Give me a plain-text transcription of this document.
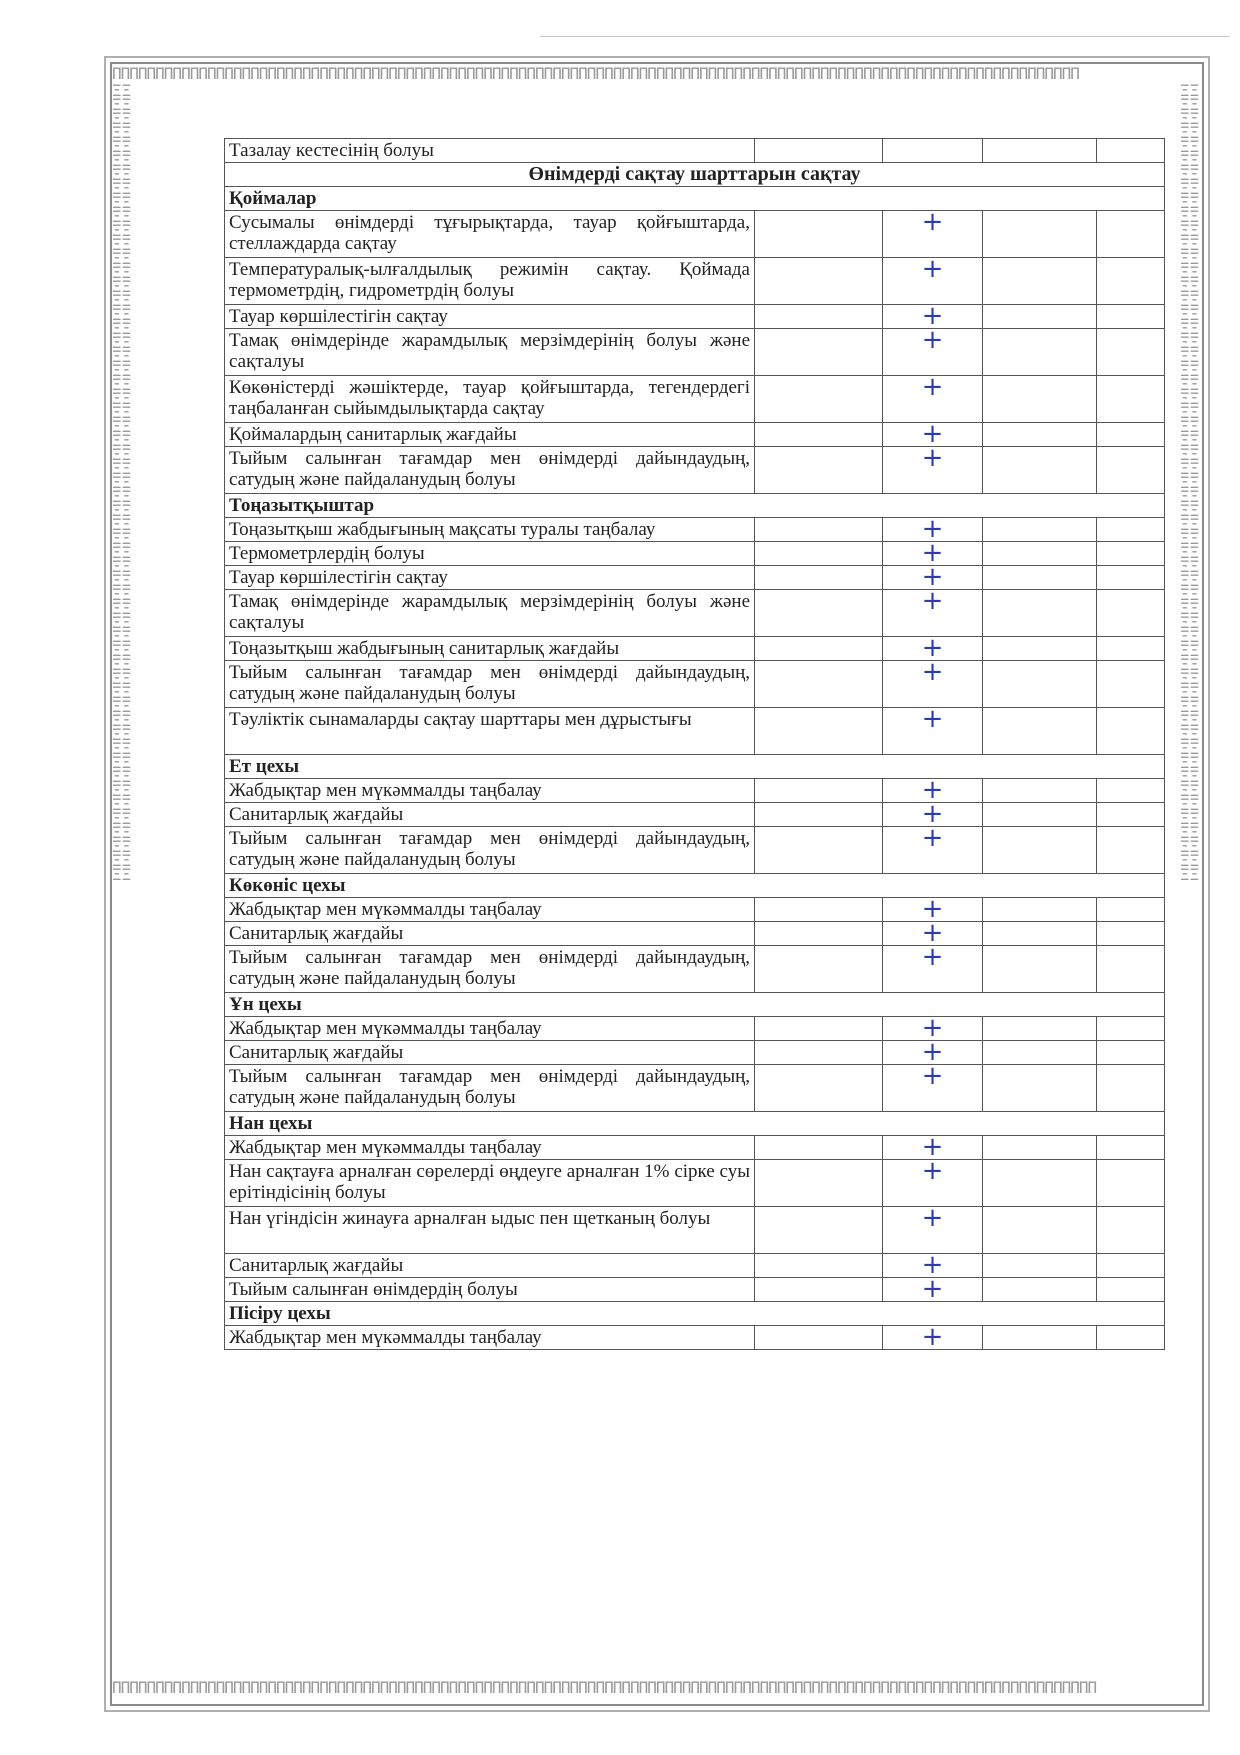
ΠΠΠΠΠΠΠΠΠΠΠΠΠΠΠΠΠΠΠΠΠΠΠΠΠΠΠΠΠΠΠΠΠΠΠΠΠΠΠΠΠΠΠΠΠΠΠΠΠΠΠΠΠΠΠΠΠΠΠΠΠΠΠΠΠΠΠΠΠΠΠΠΠΠΠΠΠΠΠΠΠΠΠΠΠΠΠΠΠΠΠΠΠΠΠΠΠΠΠΠΠΠΠΠΠΠΠΠΠΠΠΠ
ΠΠΠΠΠΠΠΠΠΠΠΠΠΠΠΠΠΠΠΠΠΠΠΠΠΠΠΠΠΠΠΠΠΠΠΠΠΠΠΠΠΠΠΠΠΠΠΠΠΠΠΠΠΠΠΠΠΠΠΠΠΠΠΠΠΠΠΠΠΠΠΠΠΠΠΠΠΠΠΠΠΠΠΠΠΠΠΠΠΠΠΠΠΠΠΠΠΠΠΠΠΠΠΠΠΠΠΠΠΠΠΠΠΠ
ΞΞΞΞΞΞΞΞΞΞΞΞΞΞΞΞΞΞΞΞΞΞΞΞΞΞΞΞΞΞΞΞΞΞΞΞΞΞΞΞΞΞΞΞΞΞΞΞΞΞΞΞΞΞΞΞΞΞΞΞΞΞΞΞΞΞΞΞΞΞΞΞΞΞΞΞΞΞΞΞΞΞΞΞΞΞΞΞΞΞΞΞΞΞΞΞΞΞΞΞΞΞΞΞΞΞΞΞΞΞΞΞΞΞ
ΞΞΞΞΞΞΞΞΞΞΞΞΞΞΞΞΞΞΞΞΞΞΞΞΞΞΞΞΞΞΞΞΞΞΞΞΞΞΞΞΞΞΞΞΞΞΞΞΞΞΞΞΞΞΞΞΞΞΞΞΞΞΞΞΞΞΞΞΞΞΞΞΞΞΞΞΞΞΞΞΞΞΞΞΞΞΞΞΞΞΞΞΞΞΞΞΞΞΞΞΞΞΞΞΞΞΞΞΞΞΞΞΞΞ
Тазалау кестесінің болуы				
Өнімдерді сақтау шарттарын сақтау				
Қоймалар				
Сусымалы өнімдерді тұғырықтарда, тауар қойғыштарда, стеллаждарда сақтау		+		
Температуралық-ылғалдылық режимін сақтау. Қоймада термометрдің, гидрометрдің болуы		+		
Тауар көршілестігін сақтау		+		
Тамақ өнімдерінде жарамдылық мерзімдерінің болуы және сақталуы		+		
Көкөністерді жәшіктерде, тауар қойғыштарда, тегендердегі таңбаланған сыйымдылықтарда сақтау		+		
Қоймалардың санитарлық жағдайы		+		
Тыйым салынған тағамдар мен өнімдерді дайындаудың, сатудың және пайдаланудың болуы		+		
Тоңазытқыштар				
Тоңазытқыш жабдығының мақсаты туралы таңбалау		+		
Термометрлердің болуы		+		
Тауар көршілестігін сақтау		+		
Тамақ өнімдерінде жарамдылық мерзімдерінің болуы және сақталуы		+		
Тоңазытқыш жабдығының санитарлық жағдайы		+		
Тыйым салынған тағамдар мен өнімдерді дайындаудың, сатудың және пайдаланудың болуы		+		
Тәуліктік сынамаларды сақтау шарттары мен дұрыстығы		+		
Ет цехы				
Жабдықтар мен мүкәммалды таңбалау		+		
Санитарлық жағдайы		+		
Тыйым салынған тағамдар мен өнімдерді дайындаудың, сатудың және пайдаланудың болуы		+		
Көкөніс цехы				
Жабдықтар мен мүкәммалды таңбалау		+		
Санитарлық жағдайы		+		
Тыйым салынған тағамдар мен өнімдерді дайындаудың, сатудың және пайдаланудың болуы		+		
Ұн цехы				
Жабдықтар мен мүкәммалды таңбалау		+		
Санитарлық жағдайы		+		
Тыйым салынған тағамдар мен өнімдерді дайындаудың, сатудың және пайдаланудың болуы		+		
Нан цехы				
Жабдықтар мен мүкәммалды таңбалау		+		
Нан сақтауға арналған сөрелерді өңдеуге арналған 1% сірке суы ерітіндісінің болуы		+		
Нан үгіндісін жинауға арналған ыдыс пен щетканың болуы		+		
Санитарлық жағдайы		+		
Тыйым салынған өнімдердің болуы		+		
Пісіру цехы				
Жабдықтар мен мүкәммалды таңбалау		+		
